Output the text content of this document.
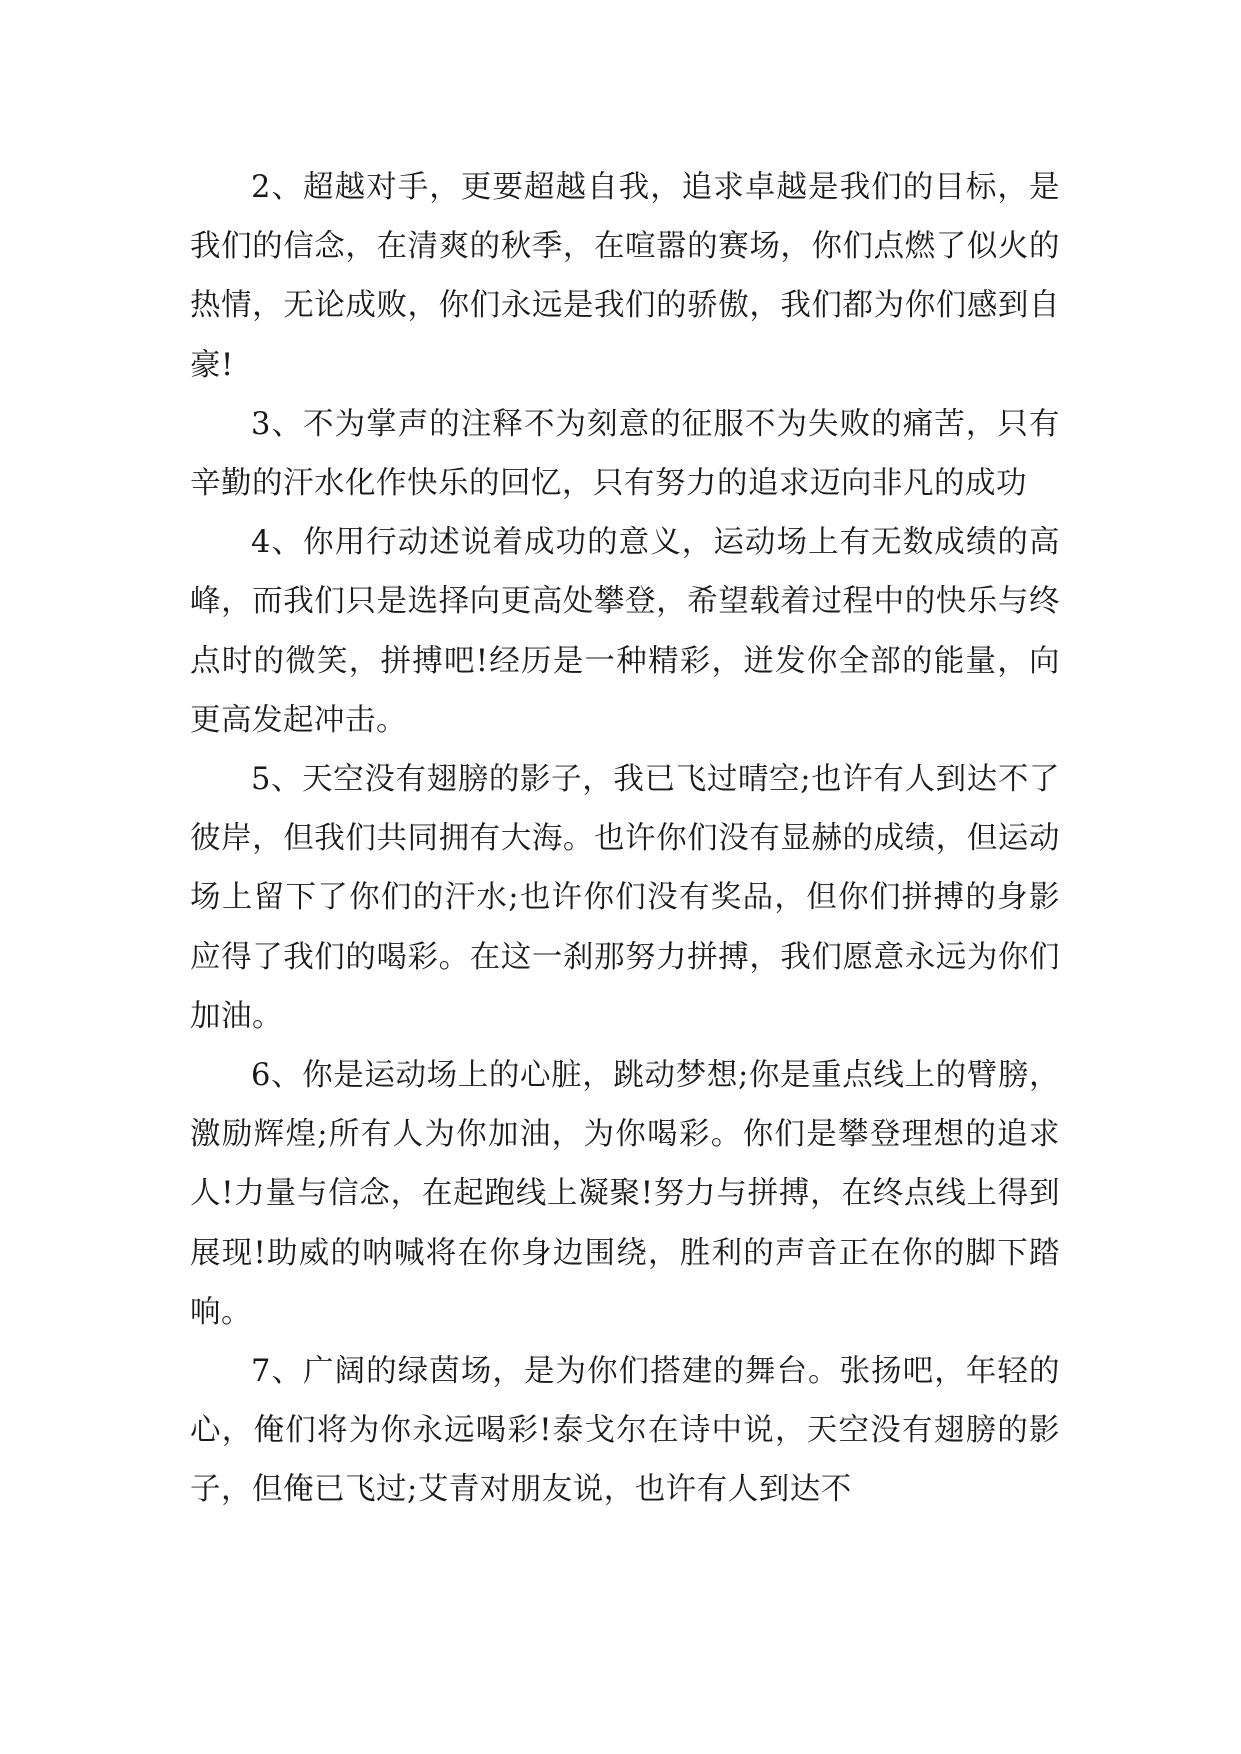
2、超越对手，更要超越自我，追求卓越是我们的目标，是我们的信念，在清爽的秋季，在喧嚣的赛场，你们点燃了似火的热情，无论成败，你们永远是我们的骄傲，我们都为你们感到自豪!

3、不为掌声的注释不为刻意的征服不为失败的痛苦，只有辛勤的汗水化作快乐的回忆，只有努力的追求迈向非凡的成功

4、你用行动述说着成功的意义，运动场上有无数成绩的高峰，而我们只是选择向更高处攀登，希望载着过程中的快乐与终点时的微笑，拼搏吧!经历是一种精彩，迸发你全部的能量，向更高发起冲击。

5、天空没有翅膀的影子，我已飞过晴空;也许有人到达不了彼岸，但我们共同拥有大海。也许你们没有显赫的成绩，但运动场上留下了你们的汗水;也许你们没有奖品，但你们拼搏的身影应得了我们的喝彩。在这一刹那努力拼搏，我们愿意永远为你们加油。

6、你是运动场上的心脏，跳动梦想;你是重点线上的臂膀，激励辉煌;所有人为你加油，为你喝彩。你们是攀登理想的追求人!力量与信念，在起跑线上凝聚!努力与拼搏，在终点线上得到展现!助威的呐喊将在你身边围绕，胜利的声音正在你的脚下踏响。

7、广阔的绿茵场，是为你们搭建的舞台。张扬吧，年轻的心，俺们将为你永远喝彩!泰戈尔在诗中说，天空没有翅膀的影子，但俺已飞过;艾青对朋友说，也许有人到达不
